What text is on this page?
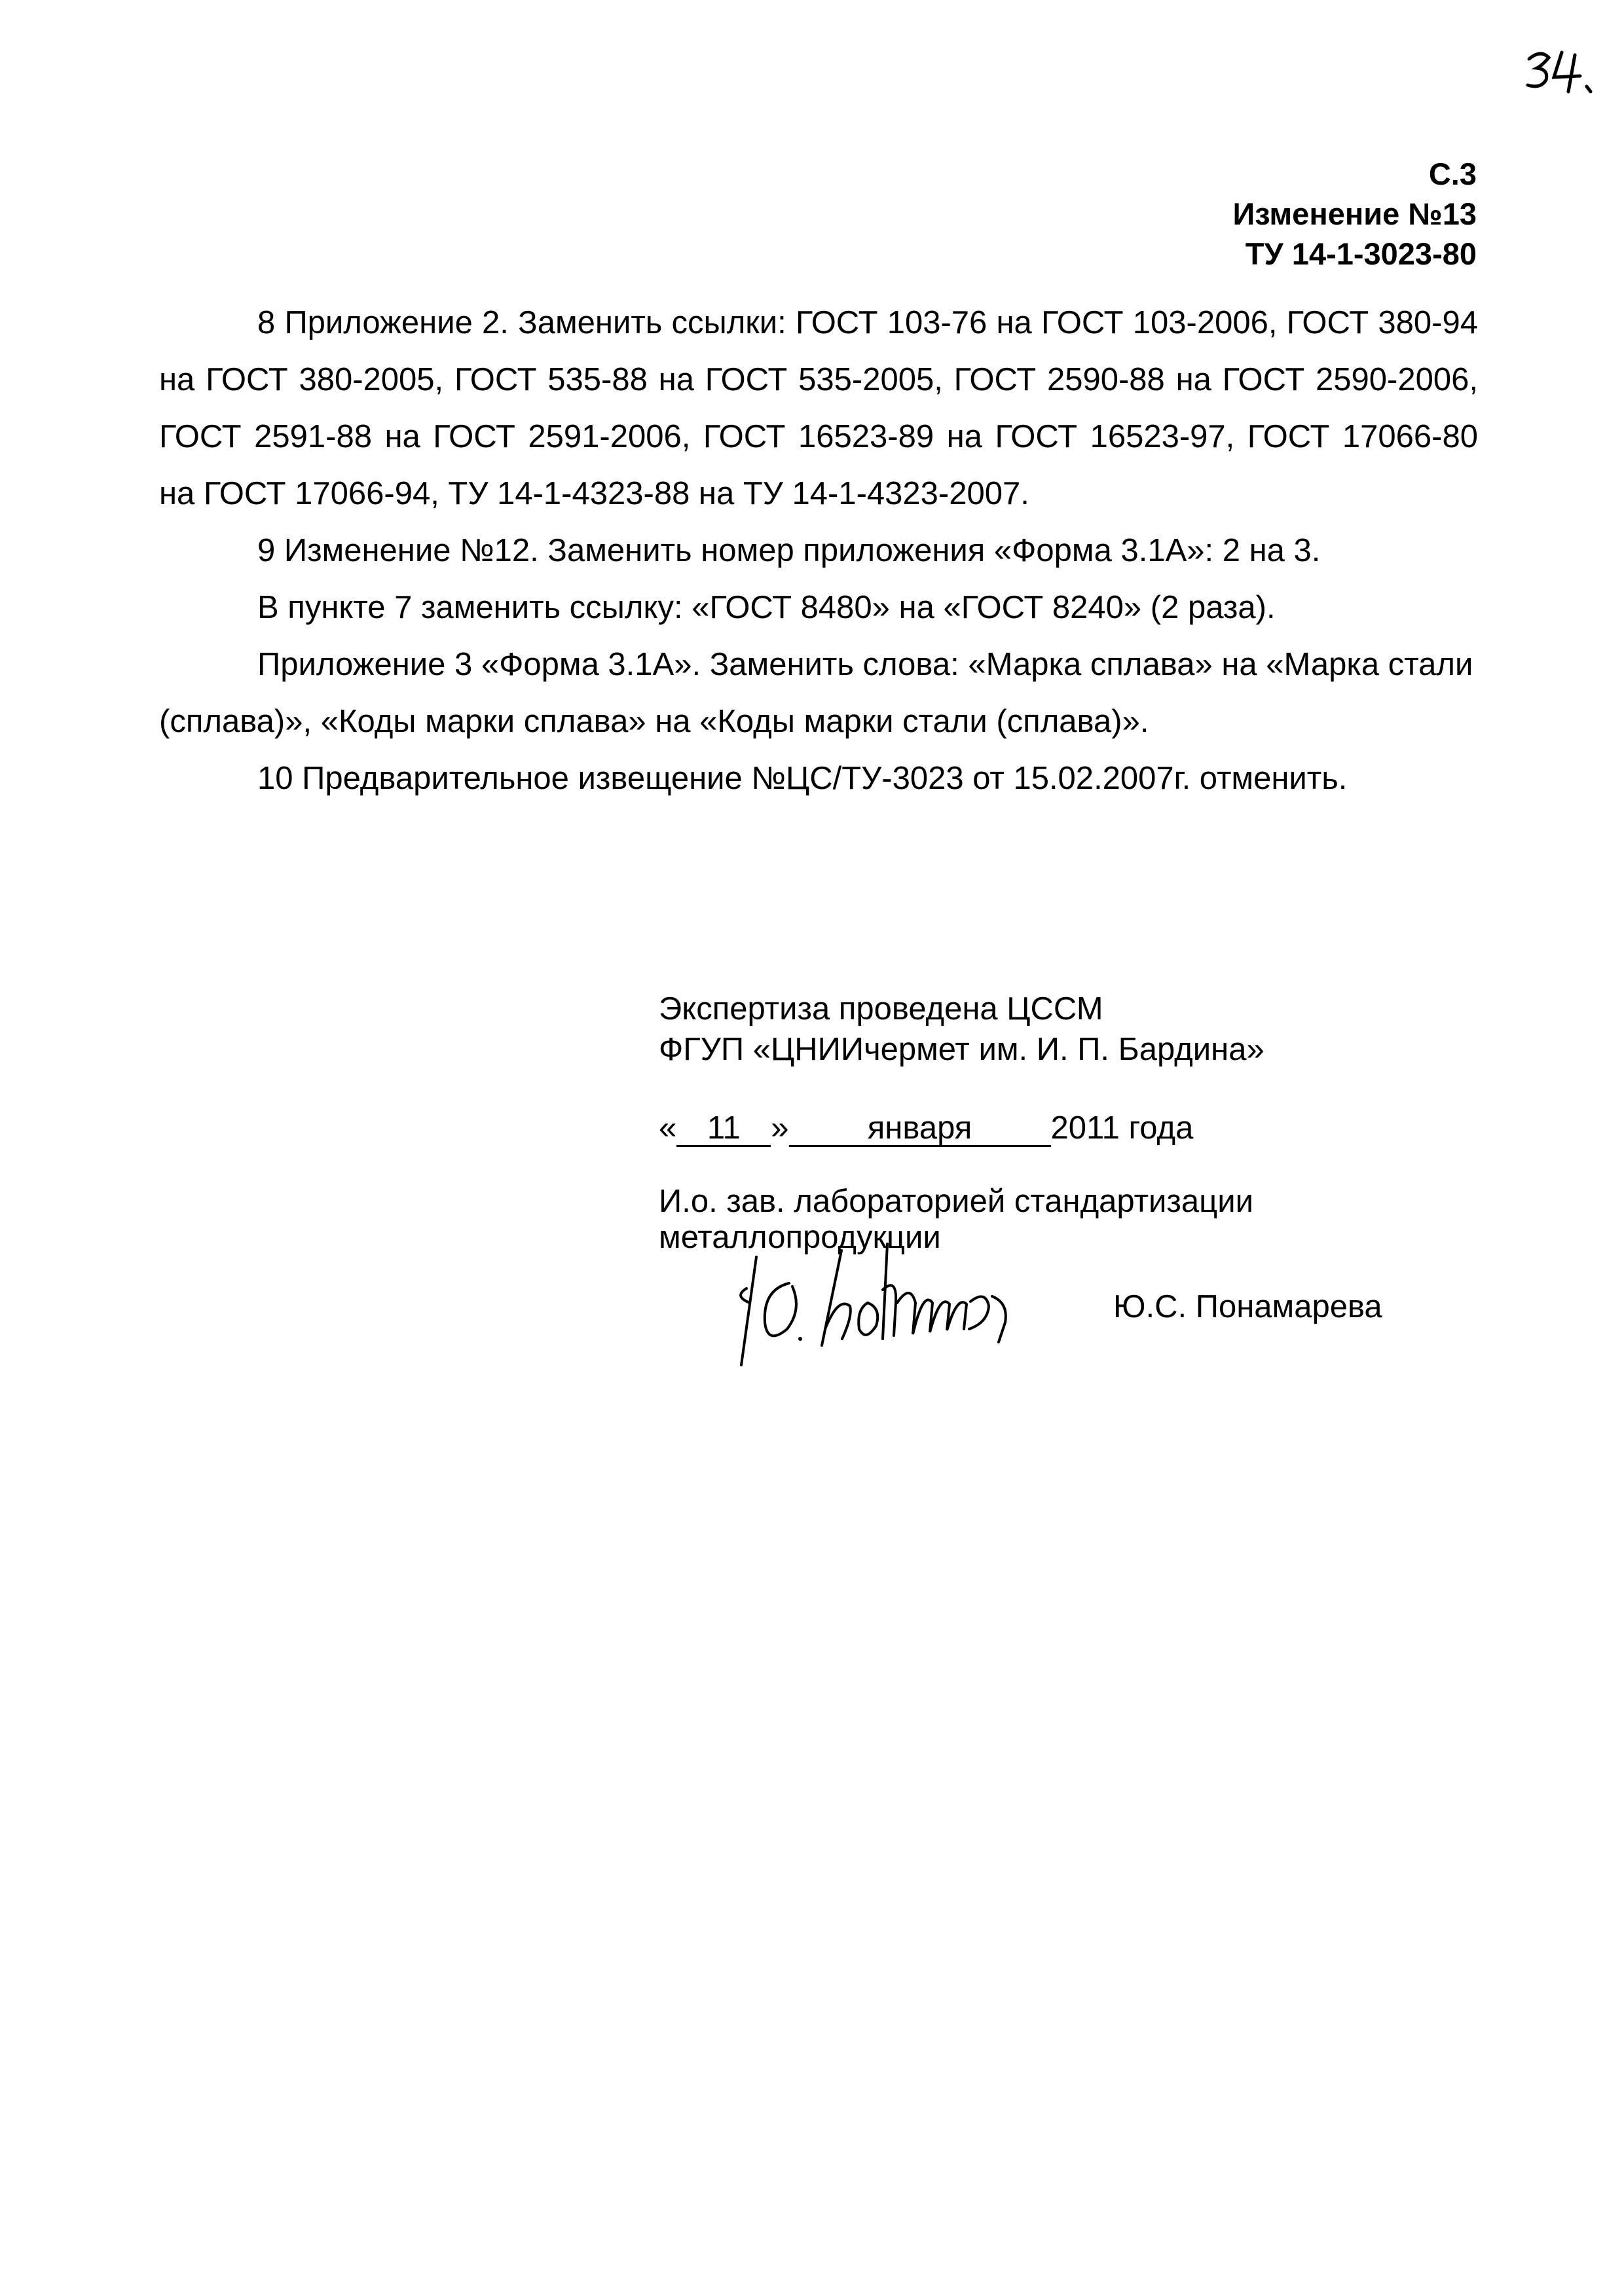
С.3
Изменение №13
ТУ 14-1-3023-80

8 Приложение 2. Заменить ссылки: ГОСТ 103-76 на ГОСТ 103-2006, ГОСТ 380-94 на ГОСТ 380-2005, ГОСТ 535-88 на ГОСТ 535-2005, ГОСТ 2590-88 на ГОСТ 2590-2006, ГОСТ 2591-88 на ГОСТ 2591-2006, ГОСТ 16523-89 на ГОСТ 16523-97, ГОСТ 17066-80 на ГОСТ 17066-94, ТУ 14-1-4323-88 на ТУ 14-1-4323-2007.

9 Изменение №12. Заменить номер приложения «Форма 3.1А»: 2 на 3.

В пункте 7 заменить ссылку: «ГОСТ 8480» на «ГОСТ 8240» (2 раза).

Приложение 3 «Форма 3.1А». Заменить слова: «Марка сплава» на «Марка стали (сплава)», «Коды марки сплава» на «Коды марки стали (сплава)».

10 Предварительное извещение №ЦС/ТУ-3023 от 15.02.2007г. отменить.

Экспертиза проведена ЦССМ
ФГУП «ЦНИИчермет им. И. П. Бардина»
« 11 » января 2011 года
И.о. зав. лабораторией стандартизации
металлопродукции
Ю.С. Понамарева
